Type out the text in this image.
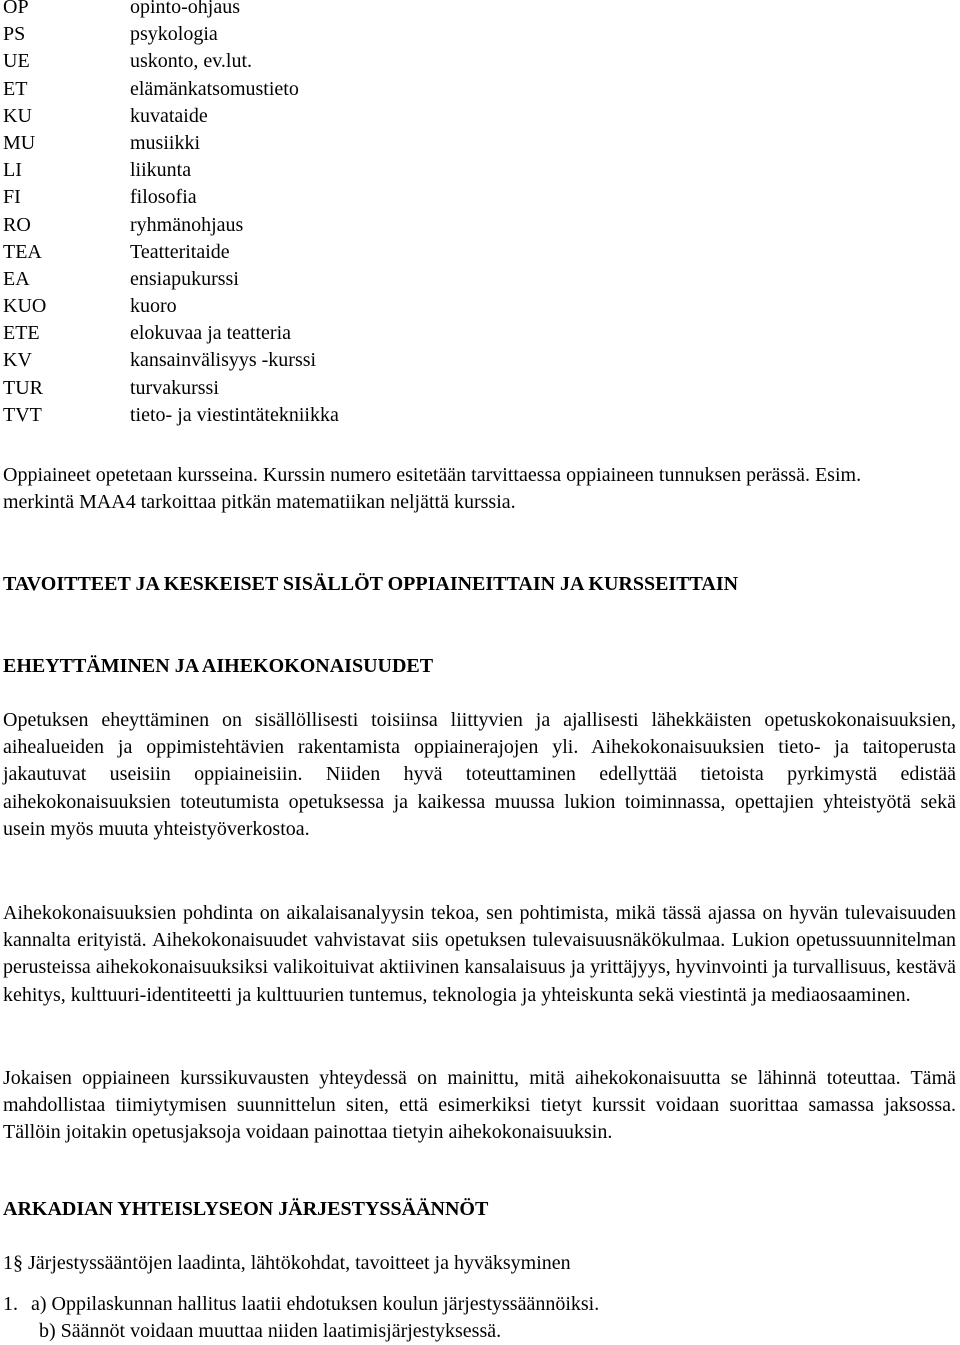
OP	opinto-ohjaus
PS	psykologia
UE	uskonto, ev.lut.
ET	elämänkatsomustieto
KU	kuvataide
MU	musiikki
LI	liikunta
FI	filosofia
RO	ryhmänohjaus
TEA	Teatteritaide
EA	ensiapukurssi
KUO	kuoro
ETE	elokuvaa ja teatteria
KV	kansainvälisyys -kurssi
TUR	turvakurssi
TVT	tieto- ja viestintätekniikka

Oppiaineet opetetaan kursseina. Kurssin numero esitetään tarvittaessa oppiaineen tunnuksen perässä. Esim. merkintä MAA4 tarkoittaa pitkän matematiikan neljättä kurssia.

TAVOITTEET JA KESKEISET SISÄLLÖT OPPIAINEITTAIN JA KURSSEITTAIN
EHEYTTÄMINEN JA AIHEKOKONAISUUDET

Opetuksen eheyttäminen on sisällöllisesti toisiinsa liittyvien ja ajallisesti lähekkäisten opetuskokonaisuuksien, aihealueiden ja oppimistehtävien rakentamista oppiainerajojen yli. Aihekokonaisuuksien tieto- ja taitoperusta jakautuvat useisiin oppiaineisiin. Niiden hyvä toteuttaminen edellyttää tietoista pyrkimystä edistää aihekokonaisuuksien toteutumista opetuksessa ja kaikessa muussa lukion toiminnassa, opettajien yhteistyötä sekä usein myös muuta yhteistyöverkostoa.

Aihekokonaisuuksien pohdinta on aikalaisanalyysin tekoa, sen pohtimista, mikä tässä ajassa on hyvän tulevaisuuden kannalta erityistä. Aihekokonaisuudet vahvistavat siis opetuksen tulevaisuusnäkökulmaa. Lukion opetussuunnitelman perusteissa aihekokonaisuuksiksi valikoituivat aktiivinen kansalaisuus ja yrittäjyys, hyvinvointi ja turvallisuus, kestävä kehitys, kulttuuri-identiteetti ja kulttuurien tuntemus, teknologia ja yhteiskunta sekä viestintä ja mediaosaaminen.

Jokaisen oppiaineen kurssikuvausten yhteydessä on mainittu, mitä aihekokonaisuutta se lähinnä toteuttaa. Tämä mahdollistaa tiimiytymisen suunnittelun siten, että esimerkiksi tietyt kurssit voidaan suorittaa samassa jaksossa. Tällöin joitakin opetusjaksoja voidaan painottaa tietyin aihekokonaisuuksin.

ARKADIAN YHTEISLYSEON JÄRJESTYSSÄÄNNÖT
1§ Järjestyssääntöjen laadinta, lähtökohdat, tavoitteet ja hyväksyminen
1. a) Oppilaskunnan hallitus laatii ehdotuksen koulun järjestyssäännöiksi.
b) Säännöt voidaan muuttaa niiden laatimisjärjestyksessä.
